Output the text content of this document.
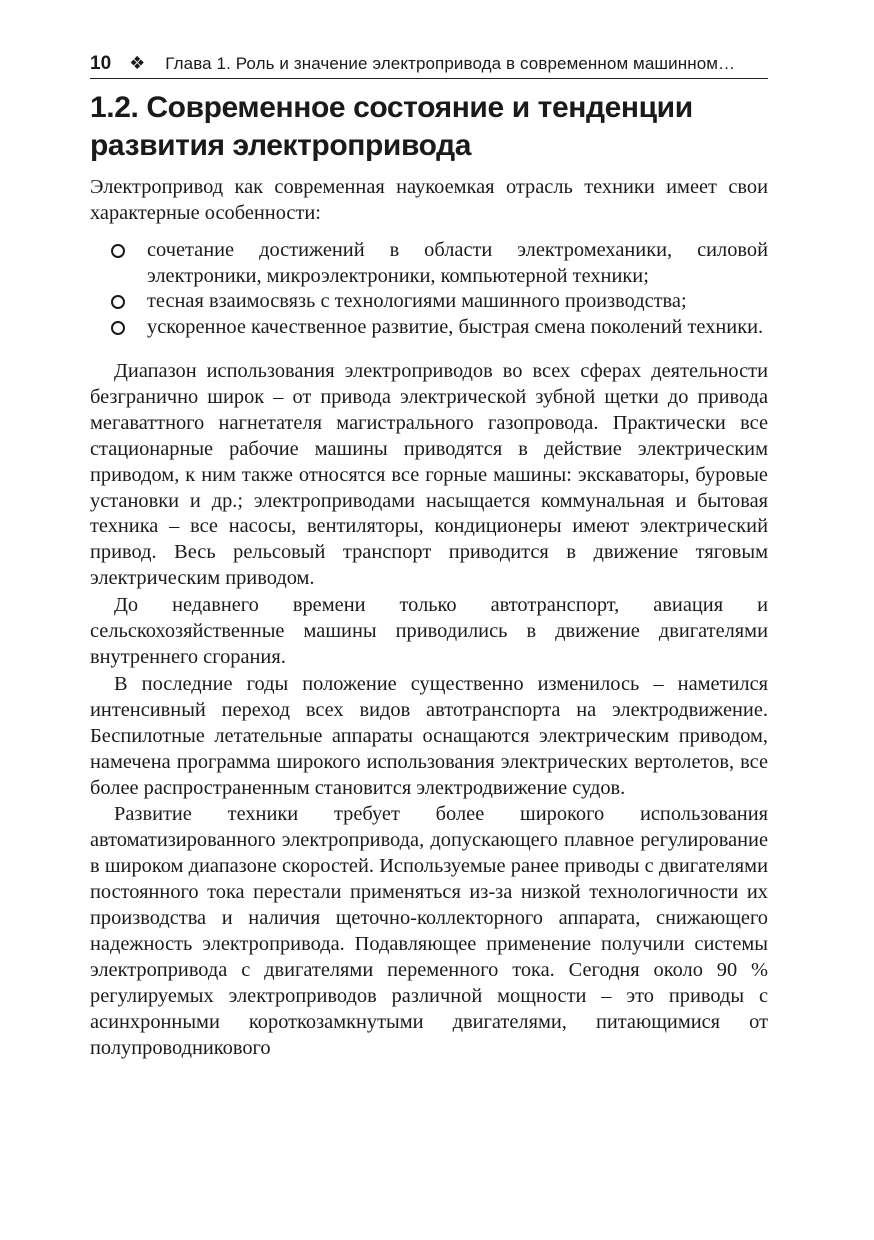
10 ❖ Глава 1. Роль и значение электропривода в современном машинном…
1.2. Современное состояние и тенденции развития электропривода

Электропривод как современная наукоемкая отрасль техники имеет свои характерные особенности:

сочетание достижений в области электромеханики, силовой электроники, микроэлектроники, компьютерной техники;
тесная взаимосвязь с технологиями машинного производства;
ускоренное качественное развитие, быстрая смена поколений техники.

Диапазон использования электроприводов во всех сферах деятельности безгранично широк – от привода электрической зубной щетки до привода мегаваттного нагнетателя магистрального газопровода. Практически все стационарные рабочие машины приводятся в действие электрическим приводом, к ним также относятся все горные машины: экскаваторы, буровые установки и др.; электроприводами насыщается коммунальная и бытовая техника – все насосы, вентиляторы, кондиционеры имеют электрический привод. Весь рельсовый транспорт приводится в движение тяговым электрическим приводом.

До недавнего времени только автотранспорт, авиация и сельскохозяйственные машины приводились в движение двигателями внутреннего сгорания.

В последние годы положение существенно изменилось – наметился интенсивный переход всех видов автотранспорта на электродвижение. Беспилотные летательные аппараты оснащаются электрическим приводом, намечена программа широкого использования электрических вертолетов, все более распространенным становится электродвижение судов.

Развитие техники требует более широкого использования автоматизированного электропривода, допускающего плавное регулирование в широком диапазоне скоростей. Используемые ранее приводы с двигателями постоянного тока перестали применяться из-за низкой технологичности их производства и наличия щеточно-коллекторного аппарата, снижающего надежность электропривода. Подавляющее применение получили системы электропривода с двигателями переменного тока. Сегодня около 90 % регулируемых электроприводов различной мощности – это приводы с асинхронными короткозамкнутыми двигателями, питающимися от полупроводникового
